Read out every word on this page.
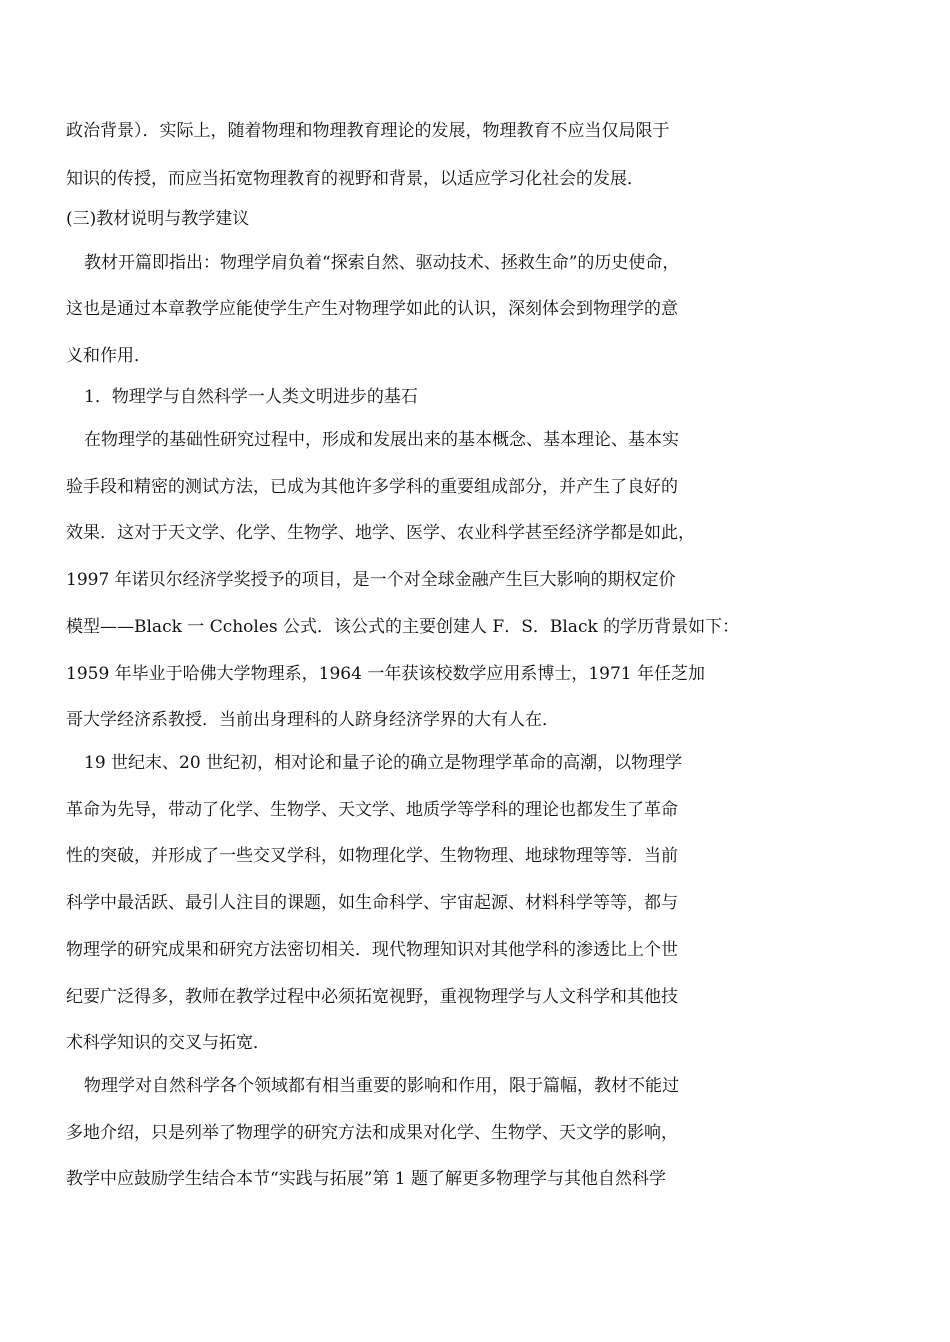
政治背景）．实际上，随着物理和物理教育理论的发展，物理教育不应当仅局限于

知识的传授，而应当拓宽物理教育的视野和背景，以适应学习化社会的发展．

(三)教材说明与教学建议

教材开篇即指出：物理学肩负着“探索自然、驱动技术、拯救生命”的历史使命，

这也是通过本章教学应能使学生产生对物理学如此的认识，深刻体会到物理学的意

义和作用．

1．物理学与自然科学一人类文明进步的基石

在物理学的基础性研究过程中，形成和发展出来的基本概念、基本理论、基本实

验手段和精密的测试方法，已成为其他许多学科的重要组成部分，并产生了良好的

效果．这对于天文学、化学、生物学、地学、医学、农业科学甚至经济学都是如此，

1997 年诺贝尔经济学奖授予的项目，是一个对全球金融产生巨大影响的期权定价

模型——Black 一 Ccholes 公式．该公式的主要创建人 F．S．Black 的学历背景如下：

1959 年毕业于哈佛大学物理系，1964 一年获该校数学应用系博士，1971 年任芝加

哥大学经济系教授．当前出身理科的人跻身经济学界的大有人在．

19 世纪末、20 世纪初，相对论和量子论的确立是物理学革命的高潮，以物理学

革命为先导，带动了化学、生物学、天文学、地质学等学科的理论也都发生了革命

性的突破，并形成了一些交叉学科，如物理化学、生物物理、地球物理等等．当前

科学中最活跃、最引人注目的课题，如生命科学、宇宙起源、材料科学等等，都与

物理学的研究成果和研究方法密切相关．现代物理知识对其他学科的渗透比上个世

纪要广泛得多，教师在教学过程中必须拓宽视野，重视物理学与人文科学和其他技

术科学知识的交叉与拓宽．

物理学对自然科学各个领域都有相当重要的影响和作用，限于篇幅，教材不能过

多地介绍，只是列举了物理学的研究方法和成果对化学、生物学、天文学的影响，

教学中应鼓励学生结合本节“实践与拓展”第 1 题了解更多物理学与其他自然科学
